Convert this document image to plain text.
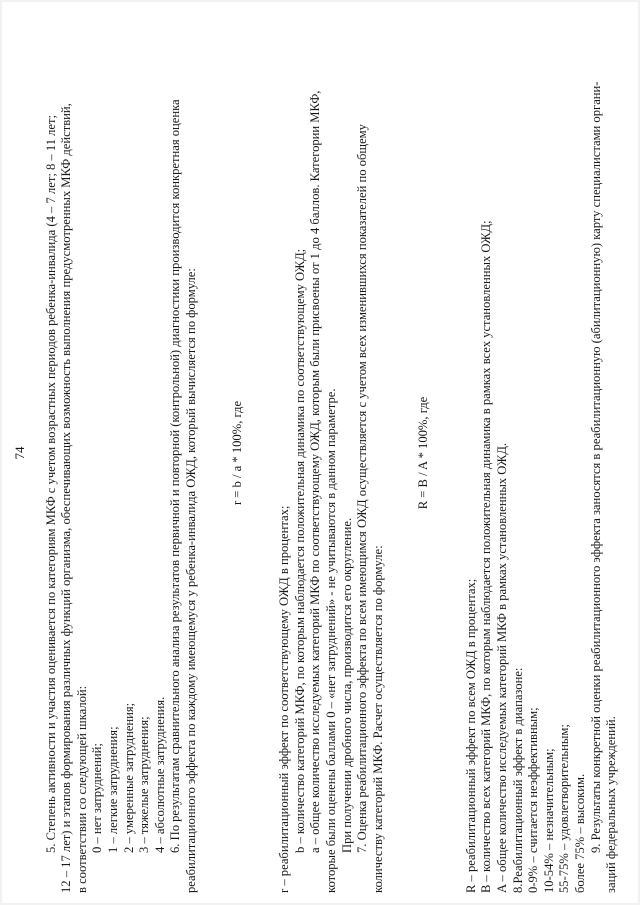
74 5. Степень активности и участия оценивается по категориям МКФ с учетом возрастных периодов ребенка-инвалида (4 – 7 лет; 8 – 11 лет; 12 – 17 лет) и этапов формирования различных функций организма, обеспечивающих возможность выполнения предусмотренных МКФ действий, в соответствии со следующей шкалой: 0 – нет затруднений; 1 – легкие затруднения; 2 – умеренные затруднения; 3 – тяжелые затруднения; 4 – абсолютные затруднения. 6. По результатам сравнительного анализа результатов первичной и повторной (контрольной) диагностики производится конкретная оценка реабилитационного эффекта по каждому имеющемуся у ребенка-инвалида ОЖД, который вычисляется по формуле:	r = b / a * 100%, где

r – реабилитационный эффект по соответствующему ОЖД в процентах; b – количество категорий МКФ, по которым наблюдается положительная динамика по соответствующему ОЖД; a – общее количество исследуемых категорий МКФ по соответствующему ОЖД, которым были присвоены от 1 до 4 баллов. Категории МКФ, которые были оценены баллами 0 – «нет затруднений» - не учитываются в данном параметре. При получении дробного числа, производится его округление. 7. Оценка реабилитационного эффекта по всем имеющимся ОЖД осуществляется с учетом всех изменившихся показателей по общему количеству категорий МКФ. Расчет осуществляется по формуле:

R = B / A * 100%, где

R – реабилитационный эффект по всем ОЖД в процентах; B – количество всех категорий МКФ, по которым наблюдается положительная динамика в рамках всех установленных ОЖД; A – общее количество исследуемых категорий МКФ в рамках установленных ОЖД. 8.Реабилитационный эффект в диапазоне: 0-9% – считается неэффективным; 10-54% – незначительным; 55-75% – удовлетворительным; более 75% – высоким. 9. Результаты конкретной оценки реабилитационного эффекта заносятся в реабилитационную (абилитационную) карту специалистами органи- заций федеральных учреждений.
